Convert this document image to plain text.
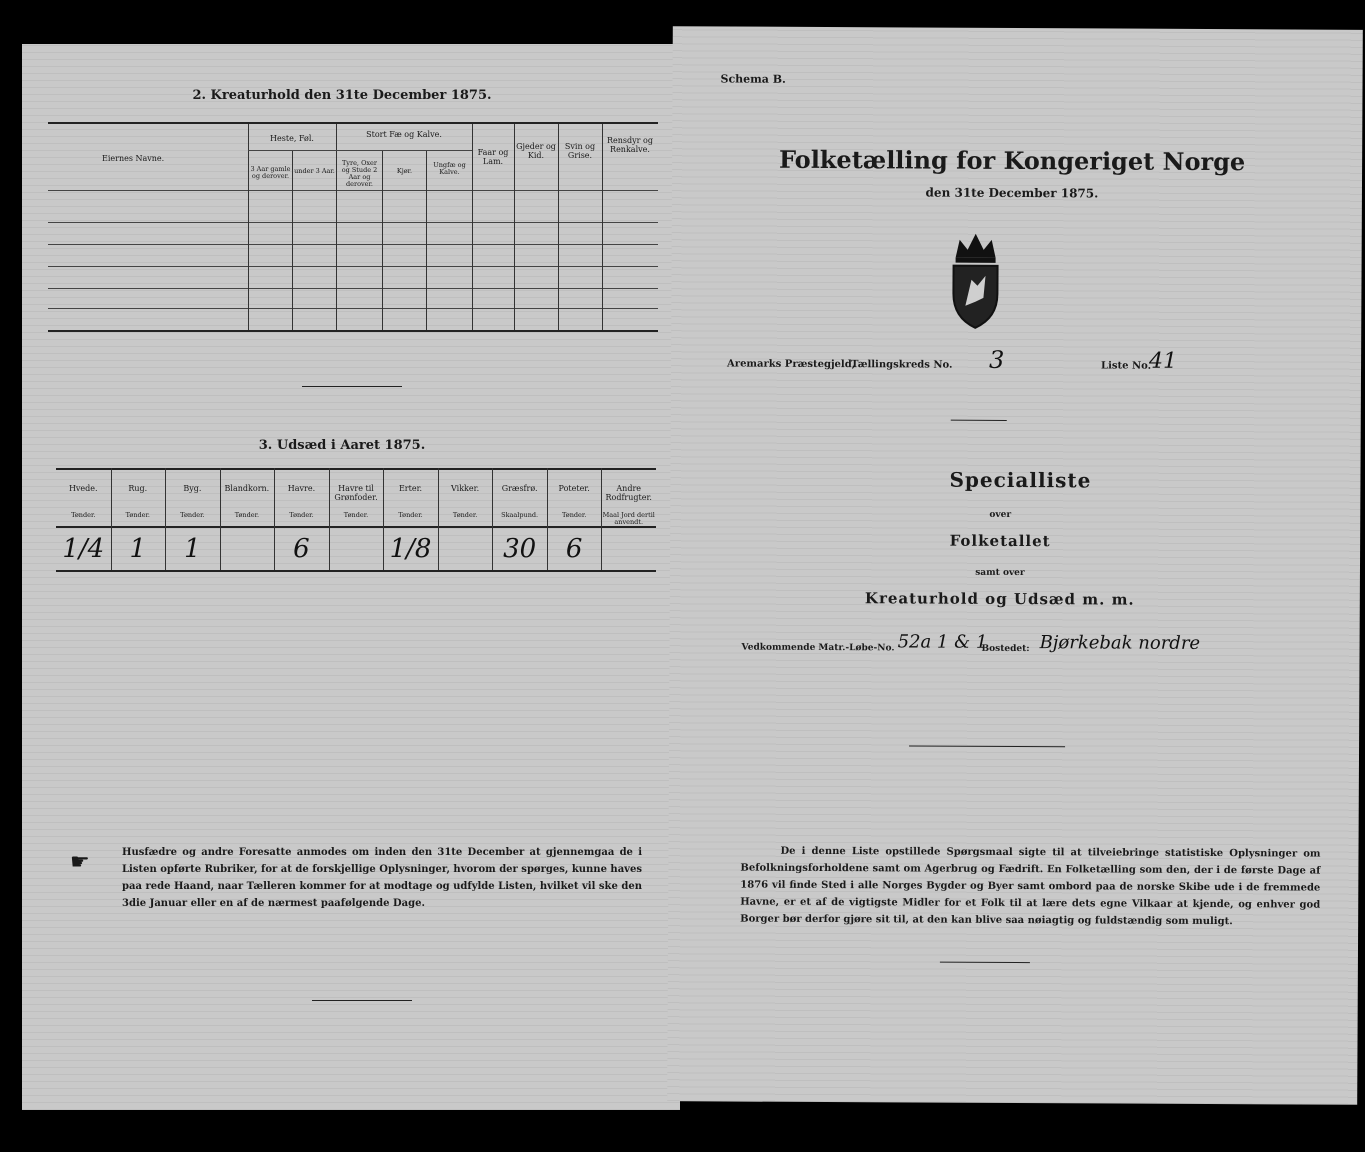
2. Kreaturhold den 31te December 1875.
Eiernes Navne.
Heste, Føl.
3 Aar gamle og derover.
under 3 Aar.
Stort Fæ og Kalve.
Tyre, Oxer og Stude 2 Aar og derover.
Kjør.
Ungfæ og Kalve.
Faar og Lam.
Gjeder og Kid.
Svin og Grise.
Rensdyr og Renkalve.
3. Udsæd i Aaret 1875.
Hvede.
Tønder.
1/4
Rug.
Tønder.
1
Byg.
Tønder.
1
Blandkorn.
Tønder.
Havre.
Tønder.
6
Havre til Grønfoder.
Tønder.
Erter.
Tønder.
1/8
Vikker.
Tønder.
Græsfrø.
Skaalpund.
30
Poteter.
Tønder.
6
Andre Rodfrugter.
Maal Jord dertil anvendt.
☛	Husfædre og andre Foresatte anmodes om inden den 31te December at gjennemgaa de i Listen opførte Rubriker, for at de forskjellige Oplysninger, hvorom der spørges, kunne haves paa rede Haand, naar Tælleren kommer for at modtage og udfylde Listen, hvilket vil ske den 3die Januar eller en af de nærmest paafølgende Dage.
Schema B.
Folketælling for Kongeriget Norge
den 31te December 1875.
Aremarks Præstegjeld,
Tællingskreds No. 3	Liste No.
41
Specialliste
over
Folketallet
samt over
Kreaturhold og Udsæd m. m.
Vedkommende Matr.-Løbe-No. 52a 1 & 1
Bostedet: Bjørkebak nordre
De i denne Liste opstillede Spørgsmaal sigte til at tilveiebringe statistiske Oplysninger om Befolkningsforholdene samt om Agerbrug og Fædrift. En Folketælling som den, der i de første Dage af 1876 vil finde Sted i alle Norges Bygder og Byer samt ombord paa de norske Skibe ude i de fremmede Havne, er et af de vigtigste Midler for et Folk til at lære dets egne Vilkaar at kjende, og enhver god Borger bør derfor gjøre sit til, at den kan blive saa nøiagtig og fuldstændig som muligt.
